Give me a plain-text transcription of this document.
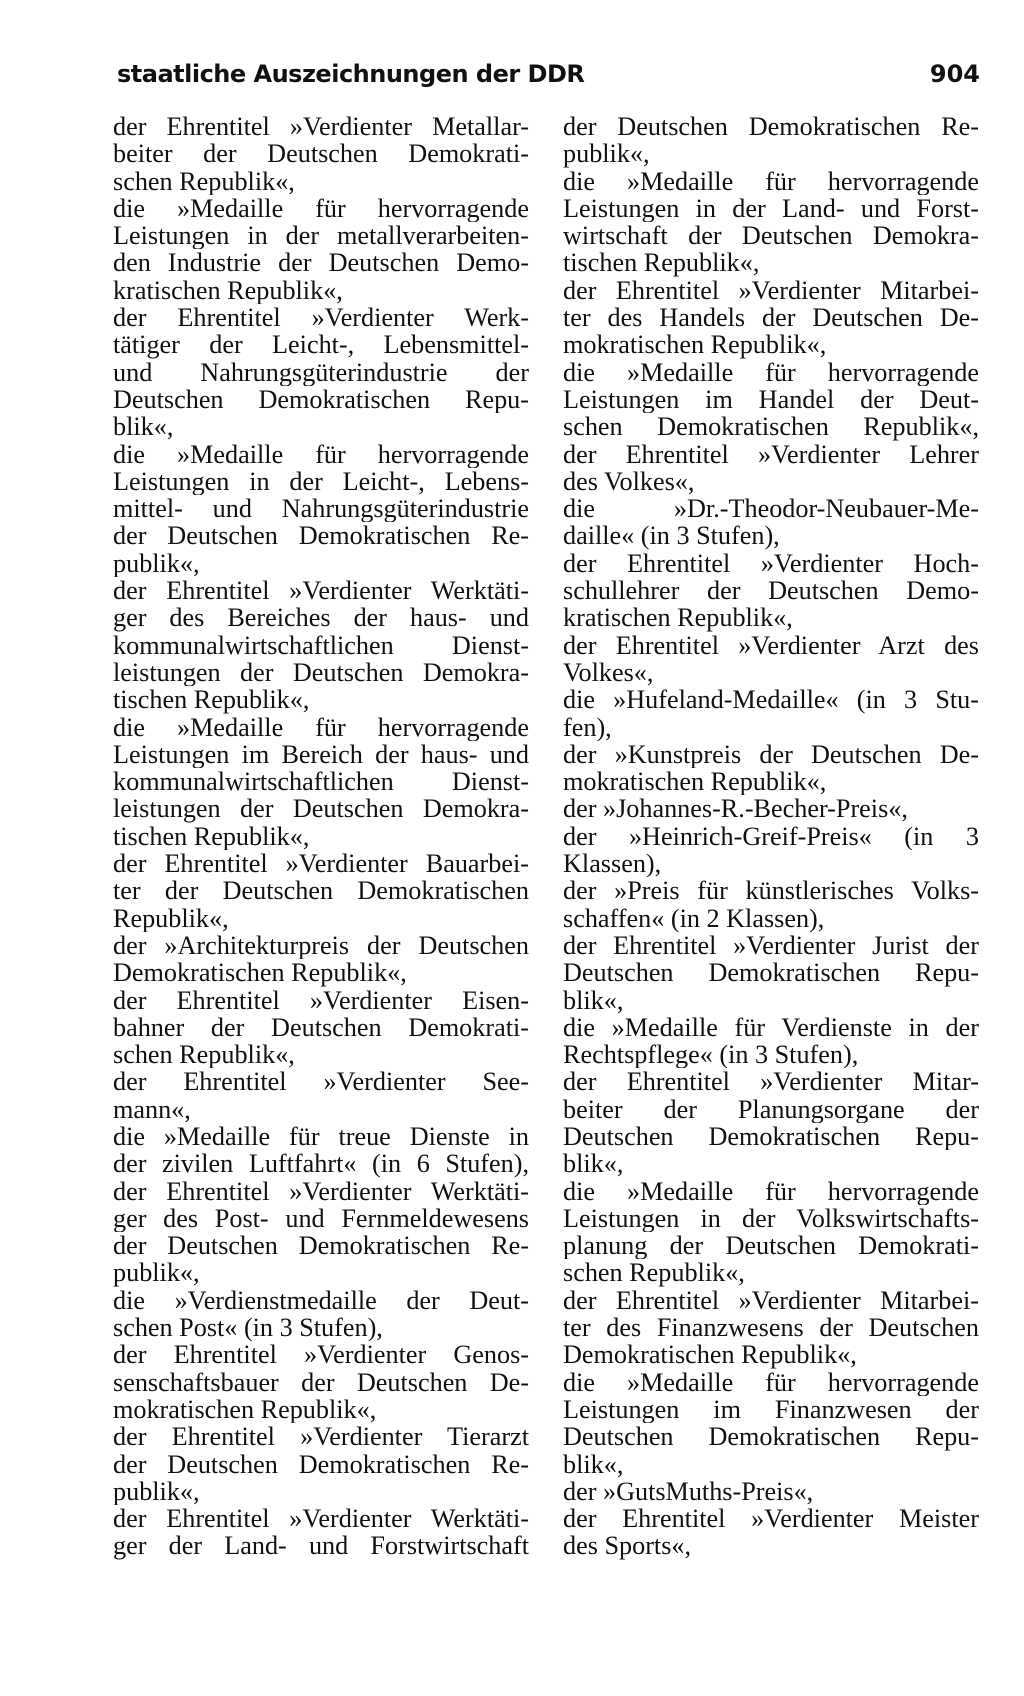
staatliche Auszeichnungen der DDR	904
der Ehrentitel »Verdienter Metallar-
beiter der Deutschen Demokrati-
schen Republik«,
die »Medaille für hervorragende
Leistungen in der metallverarbeiten-
den Industrie der Deutschen Demo-
kratischen Republik«,
der Ehrentitel »Verdienter Werk-
tätiger der Leicht-, Lebensmittel-
und Nahrungsgüterindustrie der
Deutschen Demokratischen Repu-
blik«,
die »Medaille für hervorragende
Leistungen in der Leicht-, Lebens-
mittel- und Nahrungsgüterindustrie
der Deutschen Demokratischen Re-
publik«,
der Ehrentitel »Verdienter Werktäti-
ger des Bereiches der haus- und
kommunalwirtschaftlichen Dienst-
leistungen der Deutschen Demokra-
tischen Republik«,
die »Medaille für hervorragende
Leistungen im Bereich der haus- und
kommunalwirtschaftlichen Dienst-
leistungen der Deutschen Demokra-
tischen Republik«,
der Ehrentitel »Verdienter Bauarbei-
ter der Deutschen Demokratischen
Republik«,
der »Architekturpreis der Deutschen
Demokratischen Republik«,
der Ehrentitel »Verdienter Eisen-
bahner der Deutschen Demokrati-
schen Republik«,
der Ehrentitel »Verdienter See-
mann«,
die »Medaille für treue Dienste in
der zivilen Luftfahrt« (in 6 Stufen),
der Ehrentitel »Verdienter Werktäti-
ger des Post- und Fernmeldewesens
der Deutschen Demokratischen Re-
publik«,
die »Verdienstmedaille der Deut-
schen Post« (in 3 Stufen),
der Ehrentitel »Verdienter Genos-
senschaftsbauer der Deutschen De-
mokratischen Republik«,
der Ehrentitel »Verdienter Tierarzt
der Deutschen Demokratischen Re-
publik«,
der Ehrentitel »Verdienter Werktäti-
ger der Land- und Forstwirtschaft
der Deutschen Demokratischen Re-
publik«,
die »Medaille für hervorragende
Leistungen in der Land- und Forst-
wirtschaft der Deutschen Demokra-
tischen Republik«,
der Ehrentitel »Verdienter Mitarbei-
ter des Handels der Deutschen De-
mokratischen Republik«,
die »Medaille für hervorragende
Leistungen im Handel der Deut-
schen Demokratischen Republik«,
der Ehrentitel »Verdienter Lehrer
des Volkes«,
die »Dr.-Theodor-Neubauer-Me-
daille« (in 3 Stufen),
der Ehrentitel »Verdienter Hoch-
schullehrer der Deutschen Demo-
kratischen Republik«,
der Ehrentitel »Verdienter Arzt des
Volkes«,
die »Hufeland-Medaille« (in 3 Stu-
fen),
der »Kunstpreis der Deutschen De-
mokratischen Republik«,
der »Johannes-R.-Becher-Preis«,
der »Heinrich-Greif-Preis« (in 3
Klassen),
der »Preis für künstlerisches Volks-
schaffen« (in 2 Klassen),
der Ehrentitel »Verdienter Jurist der
Deutschen Demokratischen Repu-
blik«,
die »Medaille für Verdienste in der
Rechtspflege« (in 3 Stufen),
der Ehrentitel »Verdienter Mitar-
beiter der Planungsorgane der
Deutschen Demokratischen Repu-
blik«,
die »Medaille für hervorragende
Leistungen in der Volkswirtschafts-
planung der Deutschen Demokrati-
schen Republik«,
der Ehrentitel »Verdienter Mitarbei-
ter des Finanzwesens der Deutschen
Demokratischen Republik«,
die »Medaille für hervorragende
Leistungen im Finanzwesen der
Deutschen Demokratischen Repu-
blik«,
der »GutsMuths-Preis«,
der Ehrentitel »Verdienter Meister
des Sports«,
